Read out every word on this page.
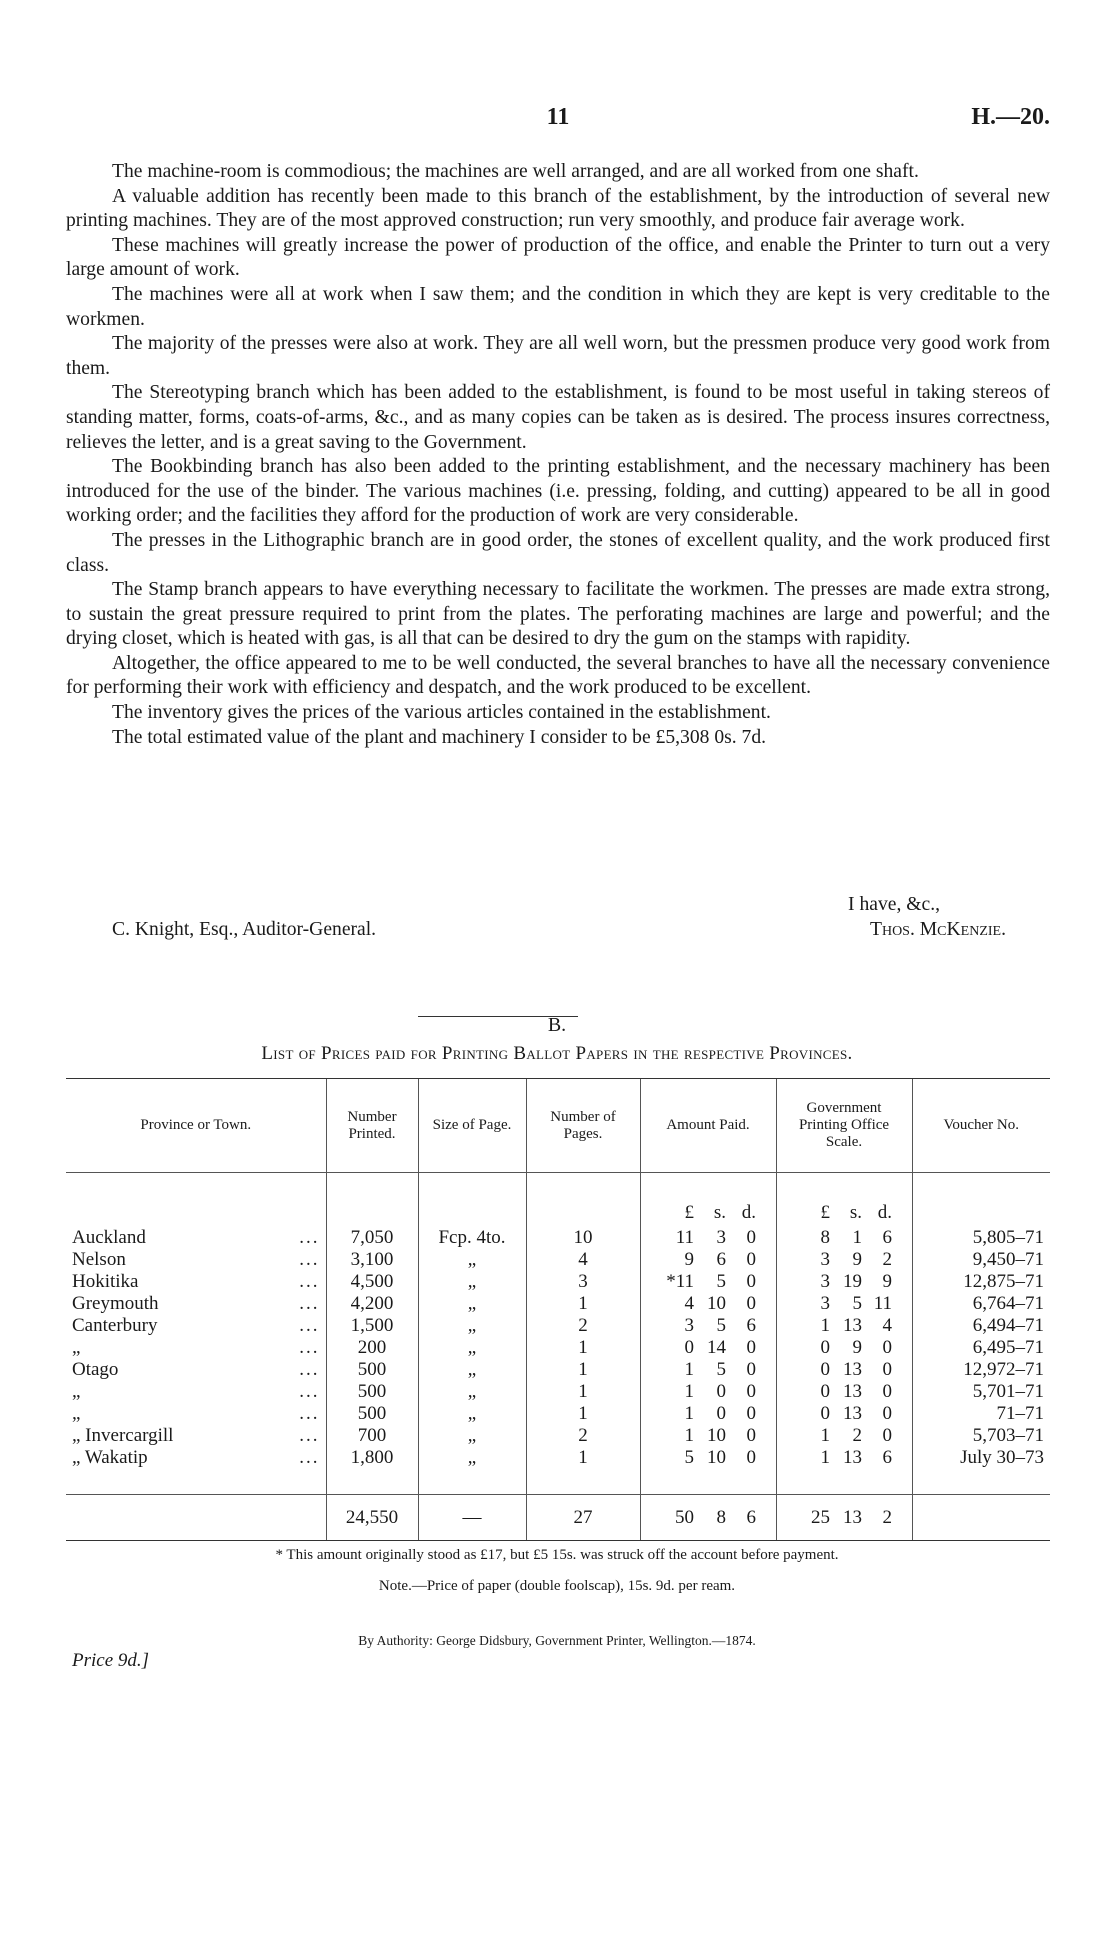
11	H.—20.

The machine-room is commodious; the machines are well arranged, and are all worked from one shaft.

A valuable addition has recently been made to this branch of the establishment, by the introduction of several new printing machines. They are of the most approved construction; run very smoothly, and produce fair average work.

These machines will greatly increase the power of production of the office, and enable the Printer to turn out a very large amount of work.

The machines were all at work when I saw them; and the condition in which they are kept is very creditable to the workmen.

The majority of the presses were also at work. They are all well worn, but the pressmen produce very good work from them.

The Stereotyping branch which has been added to the establishment, is found to be most useful in taking stereos of standing matter, forms, coats-of-arms, &c., and as many copies can be taken as is desired. The process insures correctness, relieves the letter, and is a great saving to the Government.

The Bookbinding branch has also been added to the printing establishment, and the necessary machinery has been introduced for the use of the binder. The various machines (i.e. pressing, folding, and cutting) appeared to be all in good working order; and the facilities they afford for the production of work are very considerable.

The presses in the Lithographic branch are in good order, the stones of excellent quality, and the work produced first class.

The Stamp branch appears to have everything necessary to facilitate the workmen. The presses are made extra strong, to sustain the great pressure required to print from the plates. The perforating machines are large and powerful; and the drying closet, which is heated with gas, is all that can be desired to dry the gum on the stamps with rapidity.

Altogether, the office appeared to me to be well conducted, the several branches to have all the necessary convenience for performing their work with efficiency and despatch, and the work produced to be excellent.

The inventory gives the prices of the various articles contained in the establishment.

The total estimated value of the plant and machinery I consider to be £5,308 0s. 7d.

I have, &c.,
C. Knight, Esq., Auditor-General.	Thos. McKenzie.
B.
List of Prices paid for Printing Ballot Papers in the respective Provinces.
Province or Town.	Number Printed.	Size of Page.	Number of Pages.	Amount Paid.	Government Printing Office Scale.	Voucher No.

				£ s. d.	£ s. d.	

Auckland ...	7,050	Fcp. 4to.	10	11 3 0	8 1 6	5,805–71
Nelson ...	3,100	„	4	9 6 0	3 9 2	9,450–71
Hokitika ...	4,500	„	3	*11 5 0	3 19 9	12,875–71
Greymouth ...	4,200	„	1	4 10 0	3 5 11	6,764–71
Canterbury ...	1,500	„	2	3 5 6	1 13 4	6,494–71
„ ...	200	„	1	0 14 0	0 9 0	6,495–71
Otago ...	500	„	1	1 5 0	0 13 0	12,972–71
„ ...	500	„	1	1 0 0	0 13 0	5,701–71
„ ...	500	„	1	1 0 0	0 13 0	71–71
„ Invercargill ...	700	„	2	1 10 0	1 2 0	5,703–71
„ Wakatip ...	1,800	„	1	5 10 0	1 13 6	July 30–73

	24,550	—	27	50 8 6	25 13 2	

* This amount originally stood as £17, but £5 15s. was struck off the account before payment.
Note.—Price of paper (double foolscap), 15s. 9d. per ream.
By Authority: George Didsbury, Government Printer, Wellington.—1874.
Price 9d.]
